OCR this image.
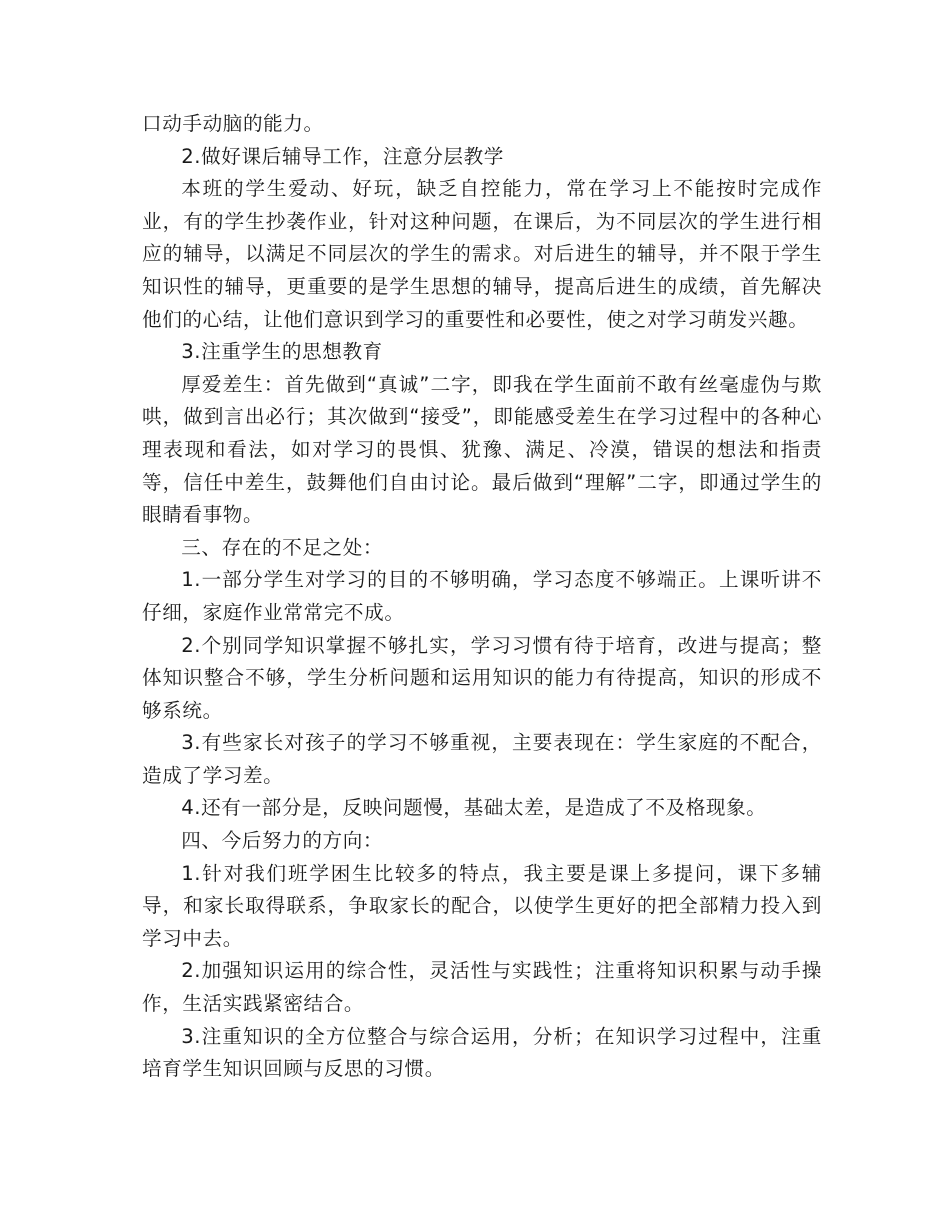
口动手动脑的能力。

2.做好课后辅导工作，注意分层教学

本班的学生爱动、好玩，缺乏自控能力，常在学习上不能按时完成作业，有的学生抄袭作业，针对这种问题，在课后，为不同层次的学生进行相应的辅导，以满足不同层次的学生的需求。对后进生的辅导，并不限于学生知识性的辅导，更重要的是学生思想的辅导，提高后进生的成绩，首先解决他们的心结，让他们意识到学习的重要性和必要性，使之对学习萌发兴趣。

3.注重学生的思想教育

厚爱差生：首先做到“真诚”二字，即我在学生面前不敢有丝毫虚伪与欺哄，做到言出必行；其次做到“接受”，即能感受差生在学习过程中的各种心理表现和看法，如对学习的畏惧、犹豫、满足、冷漠，错误的想法和指责等，信任中差生，鼓舞他们自由讨论。最后做到“理解”二字，即通过学生的眼睛看事物。

三、存在的不足之处：

1.一部分学生对学习的目的不够明确，学习态度不够端正。上课听讲不仔细，家庭作业常常完不成。

2.个别同学知识掌握不够扎实，学习习惯有待于培育，改进与提高；整体知识整合不够，学生分析问题和运用知识的能力有待提高，知识的形成不够系统。

3.有些家长对孩子的学习不够重视，主要表现在：学生家庭的不配合，造成了学习差。

4.还有一部分是，反映问题慢，基础太差，是造成了不及格现象。

四、今后努力的方向：

1.针对我们班学困生比较多的特点，我主要是课上多提问，课下多辅导，和家长取得联系，争取家长的配合，以使学生更好的把全部精力投入到学习中去。

2.加强知识运用的综合性，灵活性与实践性；注重将知识积累与动手操作，生活实践紧密结合。

3.注重知识的全方位整合与综合运用，分析；在知识学习过程中，注重培育学生知识回顾与反思的习惯。
